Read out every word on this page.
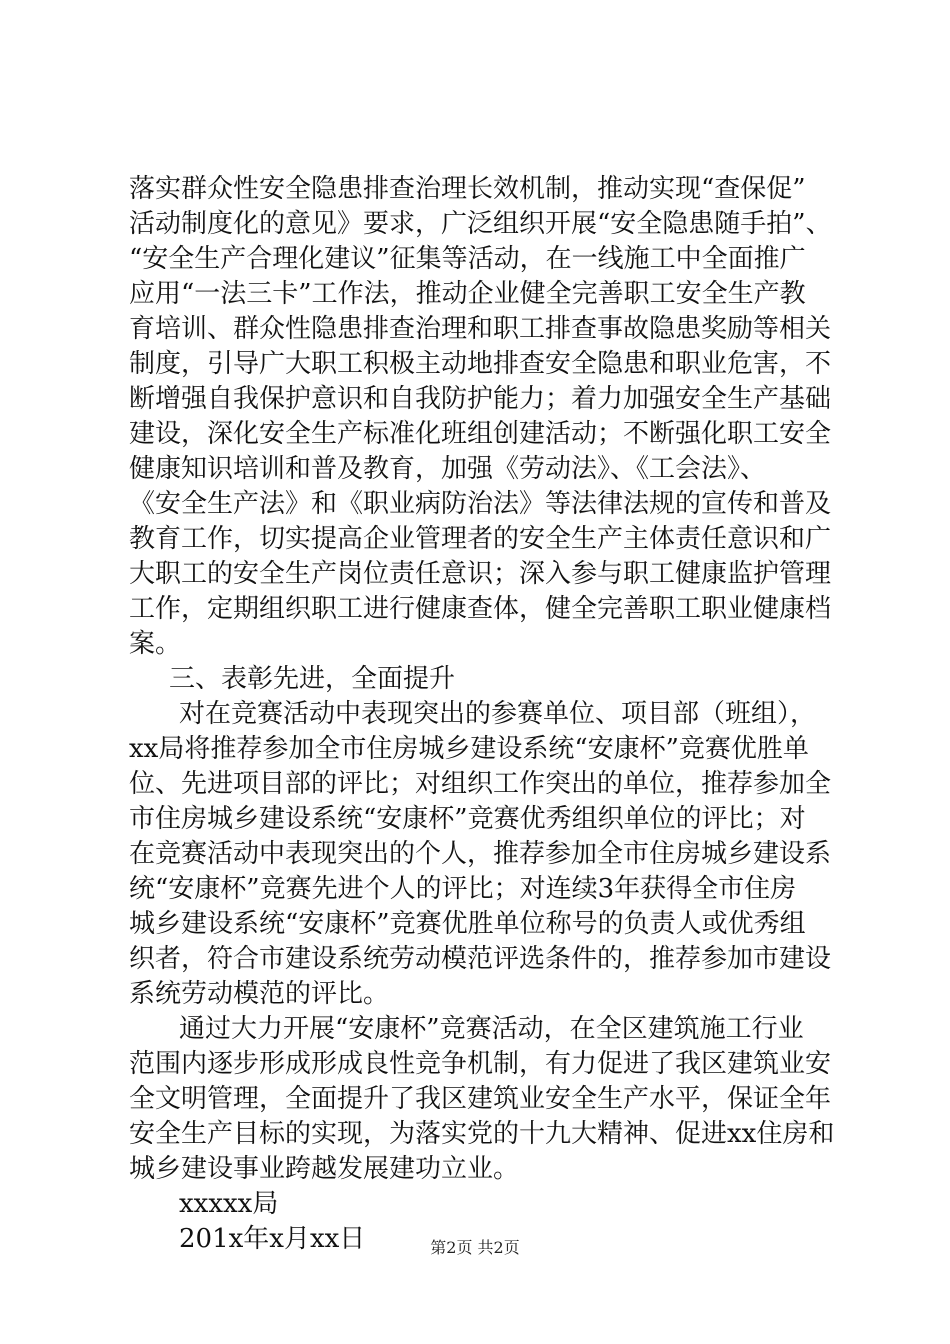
落实群众性安全隐患排查治理长效机制，推动实现“查保促”
活动制度化的意见》要求，广泛组织开展“安全隐患随手拍”、
“安全生产合理化建议”征集等活动，在一线施工中全面推广
应用“一法三卡”工作法，推动企业健全完善职工安全生产教
育培训、群众性隐患排查治理和职工排查事故隐患奖励等相关
制度，引导广大职工积极主动地排查安全隐患和职业危害，不
断增强自我保护意识和自我防护能力；着力加强安全生产基础
建设，深化安全生产标准化班组创建活动；不断强化职工安全
健康知识培训和普及教育，加强《劳动法》、《工会法》、
《安全生产法》和《职业病防治法》等法律法规的宣传和普及
教育工作，切实提高企业管理者的安全生产主体责任意识和广
大职工的安全生产岗位责任意识；深入参与职工健康监护管理
工作，定期组织职工进行健康查体，健全完善职工职业健康档
案。
三、表彰先进，全面提升
对在竞赛活动中表现突出的参赛单位、项目部（班组），
xx局将推荐参加全市住房城乡建设系统“安康杯”竞赛优胜单
位、先进项目部的评比；对组织工作突出的单位，推荐参加全
市住房城乡建设系统“安康杯”竞赛优秀组织单位的评比；对
在竞赛活动中表现突出的个人，推荐参加全市住房城乡建设系
统“安康杯”竞赛先进个人的评比；对连续3年获得全市住房
城乡建设系统“安康杯”竞赛优胜单位称号的负责人或优秀组
织者，符合市建设系统劳动模范评选条件的，推荐参加市建设
系统劳动模范的评比。
通过大力开展“安康杯”竞赛活动，在全区建筑施工行业
范围内逐步形成形成良性竞争机制，有力促进了我区建筑业安
全文明管理，全面提升了我区建筑业安全生产水平，保证全年
安全生产目标的实现，为落实党的十九大精神、促进xx住房和
城乡建设事业跨越发展建功立业。
xxxxx局
201x年x月xx日	第2页 共2页
